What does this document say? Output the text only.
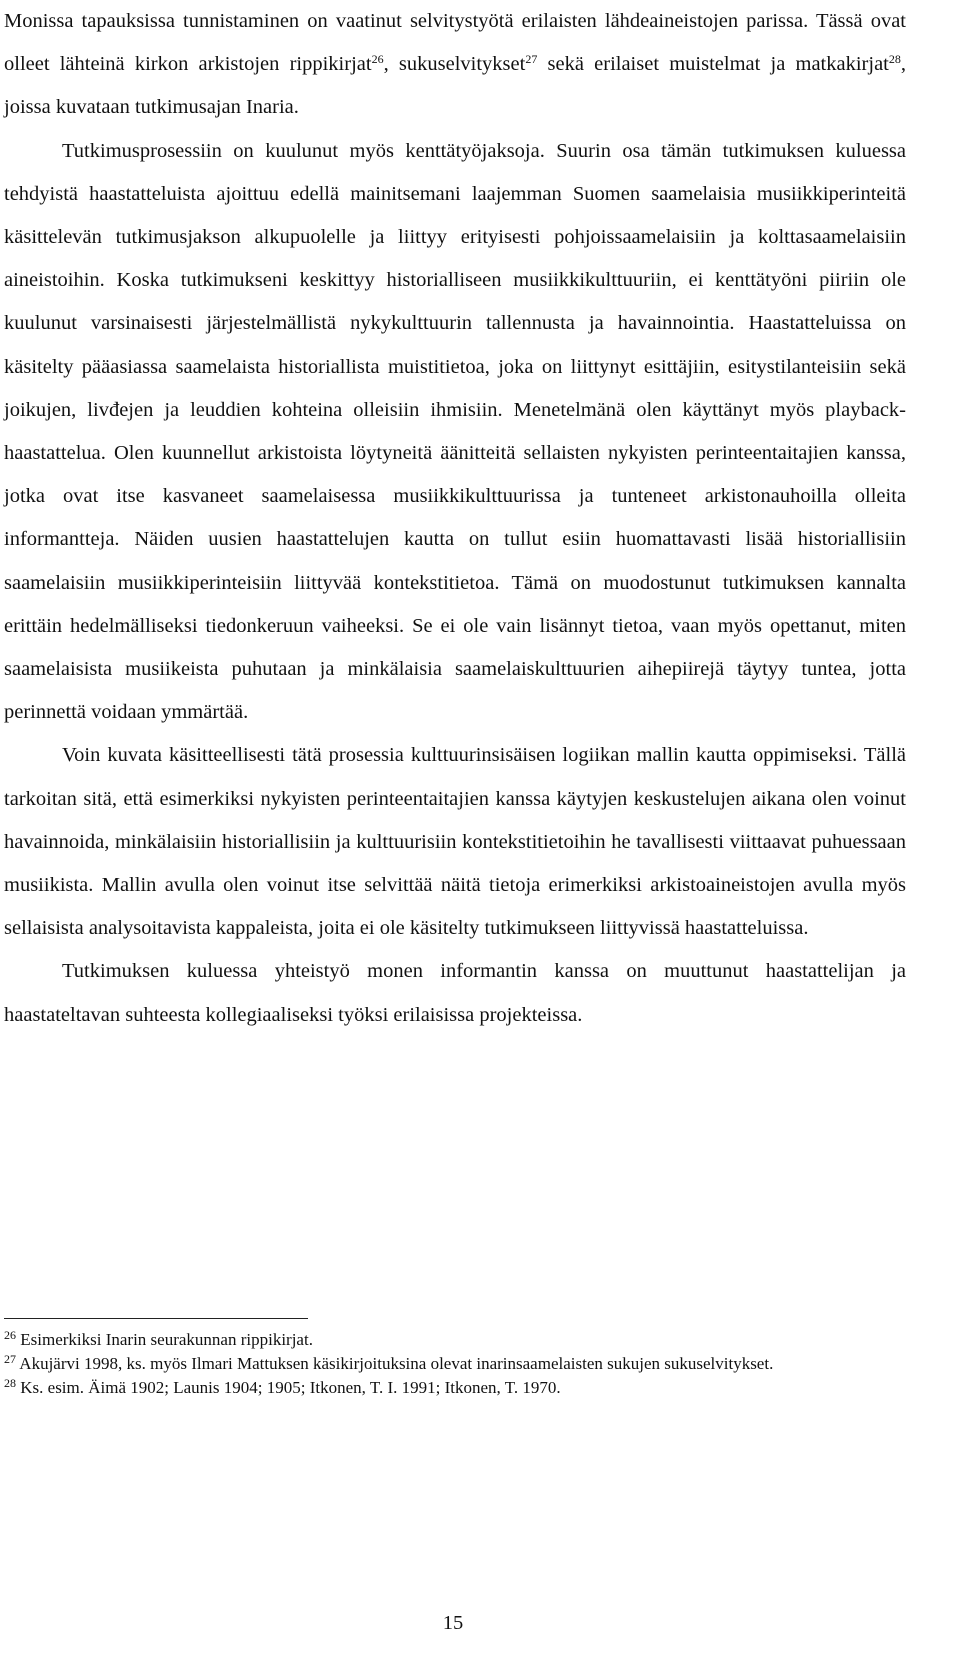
Monissa tapauksissa tunnistaminen on vaatinut selvitystyötä erilaisten lähdeaineistojen parissa. Tässä ovat olleet lähteinä kirkon arkistojen rippikirjat$^{26}$, sukuselvitykset$^{27}$ sekä erilaiset muistelmat ja matkakirjat$^{28}$, joissa kuvataan tutkimusajan Inaria.

Tutkimusprosessiin on kuulunut myös kenttätyöjaksoja. Suurin osa tämän tutkimuksen kuluessa tehdyistä haastatteluista ajoittuu edellä mainitsemani laajemman Suomen saamelaisia musiikkiperinteitä käsittelevän tutkimusjakson alkupuolelle ja liittyy erityisesti pohjoissaamelaisiin ja kolttasaamelaisiin aineistoihin. Koska tutkimukseni keskittyy historialliseen musiikkikulttuuriin, ei kenttätyöni piiriin ole kuulunut varsinaisesti järjestelmällistä nykykulttuurin tallennusta ja havainnointia. Haastatteluissa on käsitelty pääasiassa saamelaista historiallista muistitietoa, joka on liittynyt esittäjiin, esitystilanteisiin sekä joikujen, livđejen ja leuddien kohteina olleisiin ihmisiin. Menetelmänä olen käyttänyt myös playback-haastattelua. Olen kuunnellut arkistoista löytyneitä äänitteitä sellaisten nykyisten perinteentaitajien kanssa, jotka ovat itse kasvaneet saamelaisessa musiikkikulttuurissa ja tunteneet arkistonauhoilla olleita informantteja. Näiden uusien haastattelujen kautta on tullut esiin huomattavasti lisää historiallisiin saamelaisiin musiikkiperinteisiin liittyvää kontekstitietoa. Tämä on muodostunut tutkimuksen kannalta erittäin hedelmälliseksi tiedonkeruun vaiheeksi. Se ei ole vain lisännyt tietoa, vaan myös opettanut, miten saamelaisista musiikeista puhutaan ja minkälaisia saamelaiskulttuurien aihepiirejä täytyy tuntea, jotta perinnettä voidaan ymmärtää.

Voin kuvata käsitteellisesti tätä prosessia kulttuurinsisäisen logiikan mallin kautta oppimiseksi. Tällä tarkoitan sitä, että esimerkiksi nykyisten perinteentaitajien kanssa käytyjen keskustelujen aikana olen voinut havainnoida, minkälaisiin historiallisiin ja kulttuurisiin kontekstitietoihin he tavallisesti viittaavat puhuessaan musiikista. Mallin avulla olen voinut itse selvittää näitä tietoja erimerkiksi arkistoaineistojen avulla myös sellaisista analysoitavista kappaleista, joita ei ole käsitelty tutkimukseen liittyvissä haastatteluissa.

Tutkimuksen kuluessa yhteistyö monen informantin kanssa on muuttunut haastattelijan ja haastateltavan suhteesta kollegiaaliseksi työksi erilaisissa projekteissa.

$^{26}$ Esimerkiksi Inarin seurakunnan rippikirjat.

$^{27}$ Akujärvi 1998, ks. myös Ilmari Mattuksen käsikirjoituksina olevat inarinsaamelaisten sukujen sukuselvitykset.

$^{28}$ Ks. esim. Äimä 1902; Launis 1904; 1905; Itkonen, T. I. 1991; Itkonen, T. 1970.

15
